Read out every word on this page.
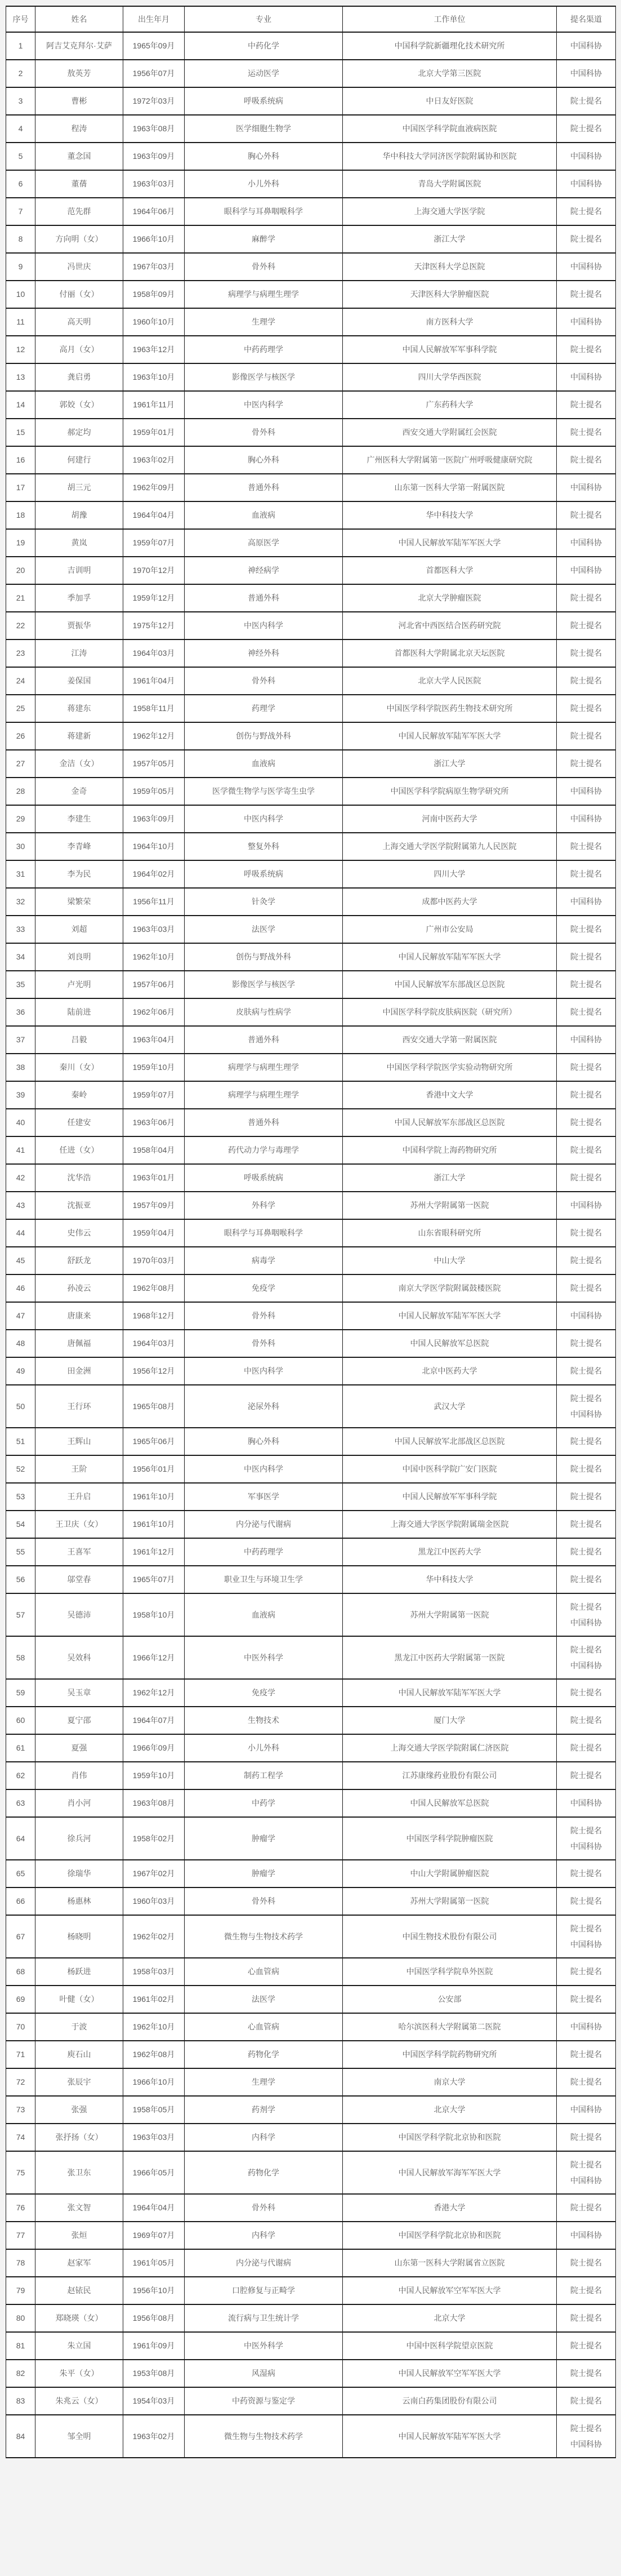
序号	姓名	出生年月	专业	工作单位	提名渠道
1	阿吉艾克拜尔·艾萨	1965年09月	中药化学	中国科学院新疆理化技术研究所	中国科协

2	敖英芳	1956年07月	运动医学	北京大学第三医院	中国科协

3	曹彬	1972年03月	呼吸系统病	中日友好医院	院士提名

4	程涛	1963年08月	医学细胞生物学	中国医学科学院血液病医院	院士提名

5	董念国	1963年09月	胸心外科	华中科技大学同济医学院附属协和医院	中国科协

6	董蒨	1963年03月	小儿外科	青岛大学附属医院	中国科协

7	范先群	1964年06月	眼科学与耳鼻咽喉科学	上海交通大学医学院	院士提名

8	方向明（女）	1966年10月	麻醉学	浙江大学	院士提名

9	冯世庆	1967年03月	骨外科	天津医科大学总医院	中国科协

10	付丽（女）	1958年09月	病理学与病理生理学	天津医科大学肿瘤医院	院士提名

11	高天明	1960年10月	生理学	南方医科大学	中国科协

12	高月（女）	1963年12月	中药药理学	中国人民解放军军事科学院	院士提名

13	龚启勇	1963年10月	影像医学与核医学	四川大学华西医院	中国科协

14	郭姣（女）	1961年11月	中医内科学	广东药科大学	院士提名

15	郝定均	1959年01月	骨外科	西安交通大学附属红会医院	院士提名

16	何建行	1963年02月	胸心外科	广州医科大学附属第一医院广州呼吸健康研究院	院士提名

17	胡三元	1962年09月	普通外科	山东第一医科大学第一附属医院	中国科协

18	胡豫	1964年04月	血液病	华中科技大学	院士提名

19	黄岚	1959年07月	高原医学	中国人民解放军陆军军医大学	中国科协

20	吉训明	1970年12月	神经病学	首都医科大学	中国科协

21	季加孚	1959年12月	普通外科	北京大学肿瘤医院	院士提名

22	贾振华	1975年12月	中医内科学	河北省中西医结合医药研究院	院士提名

23	江涛	1964年03月	神经外科	首都医科大学附属北京天坛医院	院士提名

24	姜保国	1961年04月	骨外科	北京大学人民医院	院士提名

25	蒋建东	1958年11月	药理学	中国医学科学院医药生物技术研究所	院士提名

26	蒋建新	1962年12月	创伤与野战外科	中国人民解放军陆军军医大学	院士提名

27	金洁（女）	1957年05月	血液病	浙江大学	院士提名

28	金奇	1959年05月	医学微生物学与医学寄生虫学	中国医学科学院病原生物学研究所	中国科协

29	李建生	1963年09月	中医内科学	河南中医药大学	中国科协

30	李青峰	1964年10月	整复外科	上海交通大学医学院附属第九人民医院	院士提名

31	李为民	1964年02月	呼吸系统病	四川大学	院士提名

32	梁繁荣	1956年11月	针灸学	成都中医药大学	中国科协

33	刘超	1963年03月	法医学	广州市公安局	院士提名

34	刘良明	1962年10月	创伤与野战外科	中国人民解放军陆军军医大学	院士提名

35	卢光明	1957年06月	影像医学与核医学	中国人民解放军东部战区总医院	院士提名

36	陆前进	1962年06月	皮肤病与性病学	中国医学科学院皮肤病医院（研究所）	院士提名

37	吕毅	1963年04月	普通外科	西安交通大学第一附属医院	中国科协

38	秦川（女）	1959年10月	病理学与病理生理学	中国医学科学院医学实验动物研究所	院士提名

39	秦岭	1959年07月	病理学与病理生理学	香港中文大学	院士提名

40	任建安	1963年06月	普通外科	中国人民解放军东部战区总医院	院士提名

41	任进（女）	1958年04月	药代动力学与毒理学	中国科学院上海药物研究所	院士提名

42	沈华浩	1963年01月	呼吸系统病	浙江大学	院士提名

43	沈振亚	1957年09月	外科学	苏州大学附属第一医院	中国科协

44	史伟云	1959年04月	眼科学与耳鼻咽喉科学	山东省眼科研究所	院士提名

45	舒跃龙	1970年03月	病毒学	中山大学	院士提名

46	孙凌云	1962年08月	免疫学	南京大学医学院附属鼓楼医院	院士提名

47	唐康来	1968年12月	骨外科	中国人民解放军陆军军医大学	中国科协

48	唐佩福	1964年03月	骨外科	中国人民解放军总医院	院士提名

49	田金洲	1956年12月	中医内科学	北京中医药大学	院士提名

50	王行环	1965年08月	泌尿外科	武汉大学	院士提名
中国科协

51	王辉山	1965年06月	胸心外科	中国人民解放军北部战区总医院	院士提名

52	王阶	1956年01月	中医内科学	中国中医科学院广安门医院	院士提名

53	王升启	1961年10月	军事医学	中国人民解放军军事科学院	院士提名

54	王卫庆（女）	1961年10月	内分泌与代谢病	上海交通大学医学院附属瑞金医院	院士提名

55	王喜军	1961年12月	中药药理学	黑龙江中医药大学	院士提名

56	邬堂春	1965年07月	职业卫生与环境卫生学	华中科技大学	院士提名

57	吴德沛	1958年10月	血液病	苏州大学附属第一医院	院士提名
中国科协

58	吴效科	1966年12月	中医外科学	黑龙江中医药大学附属第一医院	院士提名
中国科协

59	吴玉章	1962年12月	免疫学	中国人民解放军陆军军医大学	院士提名

60	夏宁邵	1964年07月	生物技术	厦门大学	院士提名

61	夏强	1966年09月	小儿外科	上海交通大学医学院附属仁济医院	院士提名

62	肖伟	1959年10月	制药工程学	江苏康缘药业股份有限公司	院士提名

63	肖小河	1963年08月	中药学	中国人民解放军总医院	中国科协

64	徐兵河	1958年02月	肿瘤学	中国医学科学院肿瘤医院	院士提名
中国科协

65	徐瑞华	1967年02月	肿瘤学	中山大学附属肿瘤医院	院士提名

66	杨惠林	1960年03月	骨外科	苏州大学附属第一医院	院士提名

67	杨晓明	1962年02月	微生物与生物技术药学	中国生物技术股份有限公司	院士提名
中国科协

68	杨跃进	1958年03月	心血管病	中国医学科学院阜外医院	院士提名

69	叶健（女）	1961年02月	法医学	公安部	院士提名

70	于波	1962年10月	心血管病	哈尔滨医科大学附属第二医院	中国科协

71	庾石山	1962年08月	药物化学	中国医学科学院药物研究所	院士提名

72	张辰宇	1966年10月	生理学	南京大学	院士提名

73	张强	1958年05月	药剂学	北京大学	中国科协

74	张抒扬（女）	1963年03月	内科学	中国医学科学院北京协和医院	院士提名

75	张卫东	1966年05月	药物化学	中国人民解放军海军军医大学	院士提名
中国科协

76	张文智	1964年04月	骨外科	香港大学	院士提名

77	张烜	1969年07月	内科学	中国医学科学院北京协和医院	中国科协

78	赵家军	1961年05月	内分泌与代谢病	山东第一医科大学附属省立医院	院士提名

79	赵铱民	1956年10月	口腔修复与正畸学	中国人民解放军空军军医大学	院士提名

80	郑晓瑛（女）	1956年08月	流行病与卫生统计学	北京大学	院士提名

81	朱立国	1961年09月	中医外科学	中国中医科学院望京医院	院士提名

82	朱平（女）	1953年08月	风湿病	中国人民解放军空军军医大学	院士提名

83	朱兆云（女）	1954年03月	中药资源与鉴定学	云南白药集团股份有限公司	院士提名

84	邹全明	1963年02月	微生物与生物技术药学	中国人民解放军陆军军医大学	院士提名
中国科协
